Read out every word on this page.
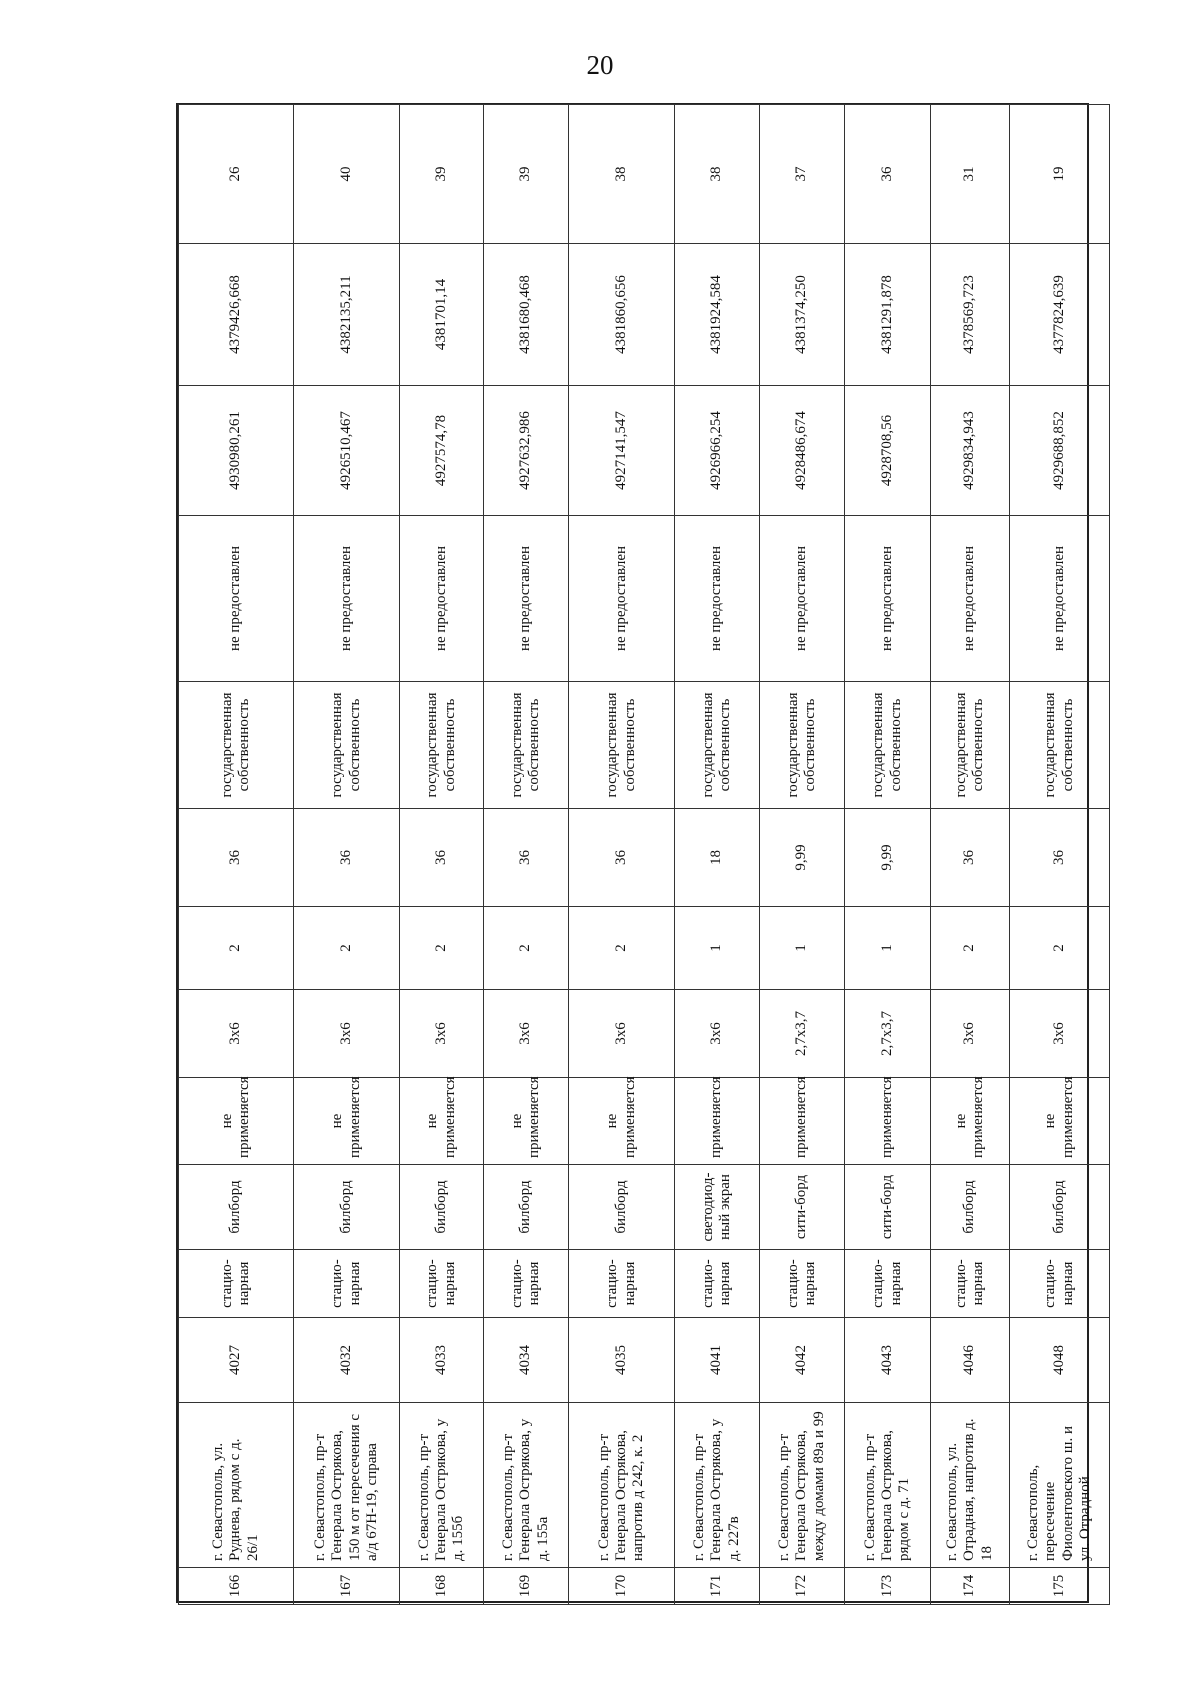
20
166	г. Севастополь, ул. Руднева, рядом с д. 26/1	4027	стацио-нарная	билборд	не применяется	3х6	2	36	государственная собственность	не предоставлен	4930980,261	4379426,668	26
167	г. Севастополь, пр-т Генерала Острякова, 150 м от пересечения с а/д 67Н-19, справа	4032	стацио-нарная	билборд	не применяется	3х6	2	36	государственная собственность	не предоставлен	4926510,467	4382135,211	40
168	г. Севастополь, пр-т Генерала Острякова, у д. 155б	4033	стацио-нарная	билборд	не применяется	3х6	2	36	государственная собственность	не предоставлен	4927574,78	4381701,14	39
169	г. Севастополь, пр-т Генерала Острякова, у д. 155а	4034	стацио-нарная	билборд	не применяется	3х6	2	36	государственная собственность	не предоставлен	4927632,986	4381680,468	39
170	г. Севастополь, пр-т Генерала Острякова, напротив д 242, к. 2	4035	стацио-нарная	билборд	не применяется	3х6	2	36	государственная собственность	не предоставлен	4927141,547	4381860,656	38
171	г. Севастополь, пр-т Генерала Острякова, у д. 227в	4041	стацио-нарная	светодиод-ный экран	применяется	3х6	1	18	государственная собственность	не предоставлен	4926966,254	4381924,584	38
172	г. Севастополь, пр-т Генерала Острякова, между домами 89а и 99	4042	стацио-нарная	сити-борд	применяется	2,7х3,7	1	9,99	государственная собственность	не предоставлен	4928486,674	4381374,250	37
173	г. Севастополь, пр-т Генерала Острякова, рядом с д. 71	4043	стацио-нарная	сити-борд	применяется	2,7х3,7	1	9,99	государственная собственность	не предоставлен	4928708,56	4381291,878	36
174	г. Севастополь, ул. Отрадная, напротив д. 18	4046	стацио-нарная	билборд	не применяется	3х6	2	36	государственная собственность	не предоставлен	4929834,943	4378569,723	31
175	г. Севастополь, пересечение Фиолентовского ш. и ул. Отрадной	4048	стацио-нарная	билборд	не применяется	3х6	2	36	государственная собственность	не предоставлен	4929688,852	4377824,639	19
